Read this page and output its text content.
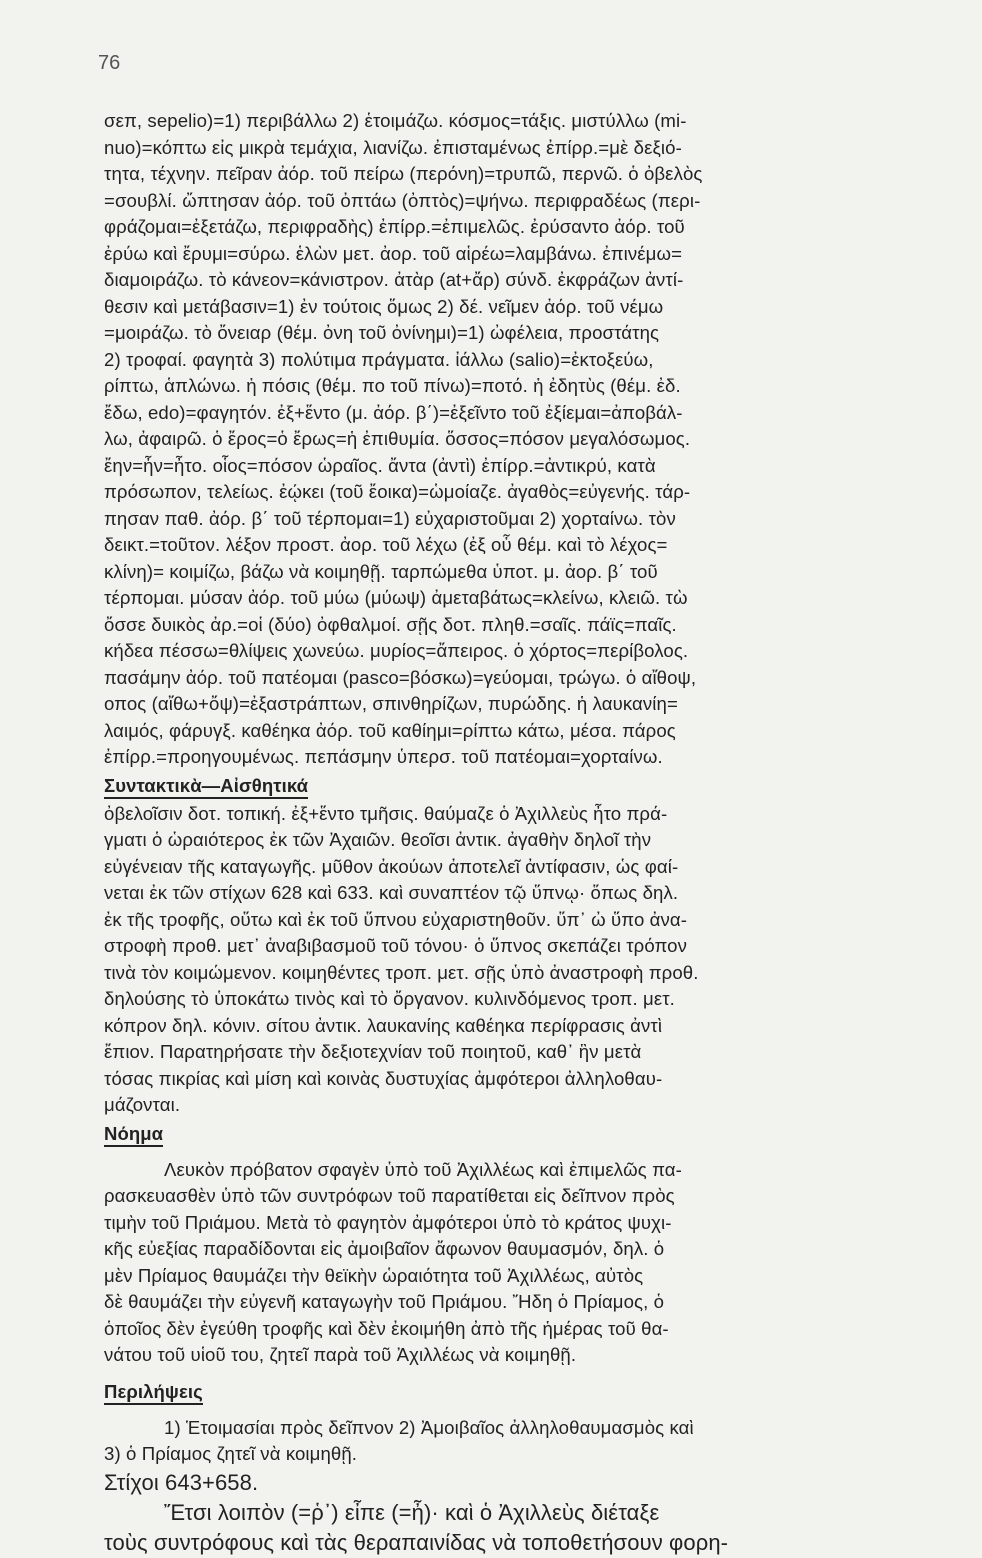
76
σεπ, sepelio)=1) περιβάλλω 2) ἑτοιμάζω. κόσμος=τάξις. μιστύλλω (mi-
nuo)=κόπτω εἰς μικρὰ τεμάχια, λιανίζω. ἐπισταμένως ἐπίρρ.=μὲ δεξιό-
τητα, τέχνην. πεῖραν ἀόρ. τοῦ πείρω (περόνη)=τρυπῶ, περνῶ. ὁ ὀβελὸς
=σουβλί. ὤπτησαν ἀόρ. τοῦ ὀπτάω (ὀπτὸς)=ψήνω. περιφραδέως (περι-
φράζομαι=ἐξετάζω, περιφραδὴς) ἐπίρρ.=ἐπιμελῶς. ἐρύσαντο ἀόρ. τοῦ
ἐρύω καὶ ἔρυμι=σύρω. ἑλὼν μετ. ἀορ. τοῦ αἱρέω=λαμβάνω. ἐπινέμω=
διαμοιράζω. τὸ κάνεον=κάνιστρον. ἀτὰρ (at+ἄρ) σύνδ. ἐκφράζων ἀντί-
θεσιν καὶ μετάβασιν=1) ἐν τούτοις ὅμως 2) δέ. νεῖμεν ἀόρ. τοῦ νέμω
=μοιράζω. τὸ ὄνειαρ (θέμ. ὀνη τοῦ ὀνίνημι)=1) ὠφέλεια, προστάτης
2) τροφαί. φαγητὰ 3) πολύτιμα πράγματα. ἰάλλω (salio)=ἐκτοξεύω,
ρίπτω, ἁπλώνω. ἡ πόσις (θέμ. πο τοῦ πίνω)=ποτό. ἡ ἐδητὺς (θέμ. ἐδ.
ἔδω, edo)=φαγητόν. ἐξ+ἕντο (μ. ἀόρ. β΄)=ἐξεῖντο τοῦ ἐξίεμαι=ἀποβάλ-
λω, ἀφαιρῶ. ὁ ἔρος=ὁ ἔρως=ἡ ἐπιθυμία. ὅσσος=πόσον μεγαλόσωμος.
ἔην=ἦν=ἦτο. οἷος=πόσον ὡραῖος. ἄντα (ἀντὶ) ἐπίρρ.=ἀντικρύ, κατὰ
πρόσωπον, τελείως. ἐῴκει (τοῦ ἔοικα)=ὡμοίαζε. ἀγαθὸς=εὐγενής. τάρ-
πησαν παθ. ἀόρ. β΄ τοῦ τέρπομαι=1) εὐχαριστοῦμαι 2) χορταίνω. τὸν
δεικτ.=τοῦτον. λέξον προστ. ἀορ. τοῦ λέχω (ἐξ οὗ θέμ. καὶ τὸ λέχος=
κλίνη)= κοιμίζω, βάζω νὰ κοιμηθῇ. ταρπώμεθα ὑποτ. μ. ἀορ. β΄ τοῦ
τέρπομαι. μύσαν ἀόρ. τοῦ μύω (μύωψ) ἀμεταβάτως=κλείνω, κλειῶ. τὼ
ὄσσε δυικὸς ἀρ.=οἱ (δύο) ὀφθαλμοί. σῇς δοτ. πληθ.=σαῖς. πάϊς=παῖς.
κήδεα πέσσω=θλίψεις χωνεύω. μυρίος=ἄπειρος. ὁ χόρτος=περίβολος.
πασάμην ἀόρ. τοῦ πατέομαι (pasco=βόσκω)=γεύομαι, τρώγω. ὁ αἴθοψ,
οπος (αἴθω+ὄψ)=ἐξαστράπτων, σπινθηρίζων, πυρώδης. ἡ λαυκανίη=
λαιμός, φάρυγξ. καθέηκα ἀόρ. τοῦ καθίημι=ρίπτω κάτω, μέσα. πάρος
ἐπίρρ.=προηγουμένως. πεπάσμην ὑπερσ. τοῦ πατέομαι=χορταίνω.
Συντακτικὰ—Αἰσθητικά
ὀβελοῖσιν δοτ. τοπική. ἐξ+ἕντο τμῆσις. θαύμαζε ὁ Ἀχιλλεὺς ἦτο πρά-
γματι ὁ ὡραιότερος ἐκ τῶν Ἀχαιῶν. θεοῖσι ἀντικ. ἀγαθὴν δηλοῖ τὴν
εὐγένειαν τῆς καταγωγῆς. μῦθον ἀκούων ἀποτελεῖ ἀντίφασιν, ὡς φαί-
νεται ἐκ τῶν στίχων 628 καὶ 633. καὶ συναπτέον τῷ ὕπνῳ· ὅπως δηλ.
ἐκ τῆς τροφῆς, οὕτω καὶ ἐκ τοῦ ὕπνου εὐχαριστηθοῦν. ὕπ᾽ ὠ ὕπο ἀνα-
στροφὴ προθ. μετ᾽ ἀναβιβασμοῦ τοῦ τόνου· ὁ ὕπνος σκεπάζει τρόπον
τινὰ τὸν κοιμώμενον. κοιμηθέντες τροπ. μετ. σῇς ὑπὸ ἀναστροφὴ προθ.
δηλούσης τὸ ὑποκάτω τινὸς καὶ τὸ ὄργανον. κυλινδόμενος τροπ. μετ.
κόπρον δηλ. κόνιν. σίτου ἀντικ. λαυκανίης καθέηκα περίφρασις ἀντὶ
ἔπιον. Παρατηρήσατε τὴν δεξιοτεχνίαν τοῦ ποιητοῦ, καθ᾽ ἣν μετὰ
τόσας πικρίας καὶ μίση καὶ κοινὰς δυστυχίας ἀμφότεροι ἀλληλοθαυ-
μάζονται.
Νόημα
Λευκὸν πρόβατον σφαγὲν ὑπὸ τοῦ Ἀχιλλέως καὶ ἐπιμελῶς πα-
ρασκευασθὲν ὑπὸ τῶν συντρόφων τοῦ παρατίθεται εἰς δεῖπνον πρὸς
τιμὴν τοῦ Πριάμου. Μετὰ τὸ φαγητὸν ἀμφότεροι ὑπὸ τὸ κράτος ψυχι-
κῆς εὐεξίας παραδίδονται εἰς ἀμοιβαῖον ἄφωνον θαυμασμόν, δηλ. ὁ
μὲν Πρίαμος θαυμάζει τὴν θεϊκὴν ὡραιότητα τοῦ Ἀχιλλέως, αὐτὸς
δὲ θαυμάζει τὴν εὐγενῆ καταγωγὴν τοῦ Πριάμου. Ἤδη ὁ Πρίαμος, ὁ
ὁποῖος δὲν ἐγεύθη τροφῆς καὶ δὲν ἐκοιμήθη ἀπὸ τῆς ἡμέρας τοῦ θα-
νάτου τοῦ υἱοῦ του, ζητεῖ παρὰ τοῦ Ἀχιλλέως νὰ κοιμηθῇ.
Περιλήψεις
1) Ἑτοιμασίαι πρὸς δεῖπνον 2) Ἀμοιβαῖος ἀλληλοθαυμασμὸς καὶ
3) ὁ Πρίαμος ζητεῖ νὰ κοιμηθῇ.
Στίχοι 643+658.
Ἔτσι λοιπὸν (=ῥ᾽) εἶπε (=ἦ)· καὶ ὁ Ἀχιλλεὺς διέταξε
τοὺς συντρόφους καὶ τὰς θεραπαινίδας νὰ τοποθετήσουν φορη-
